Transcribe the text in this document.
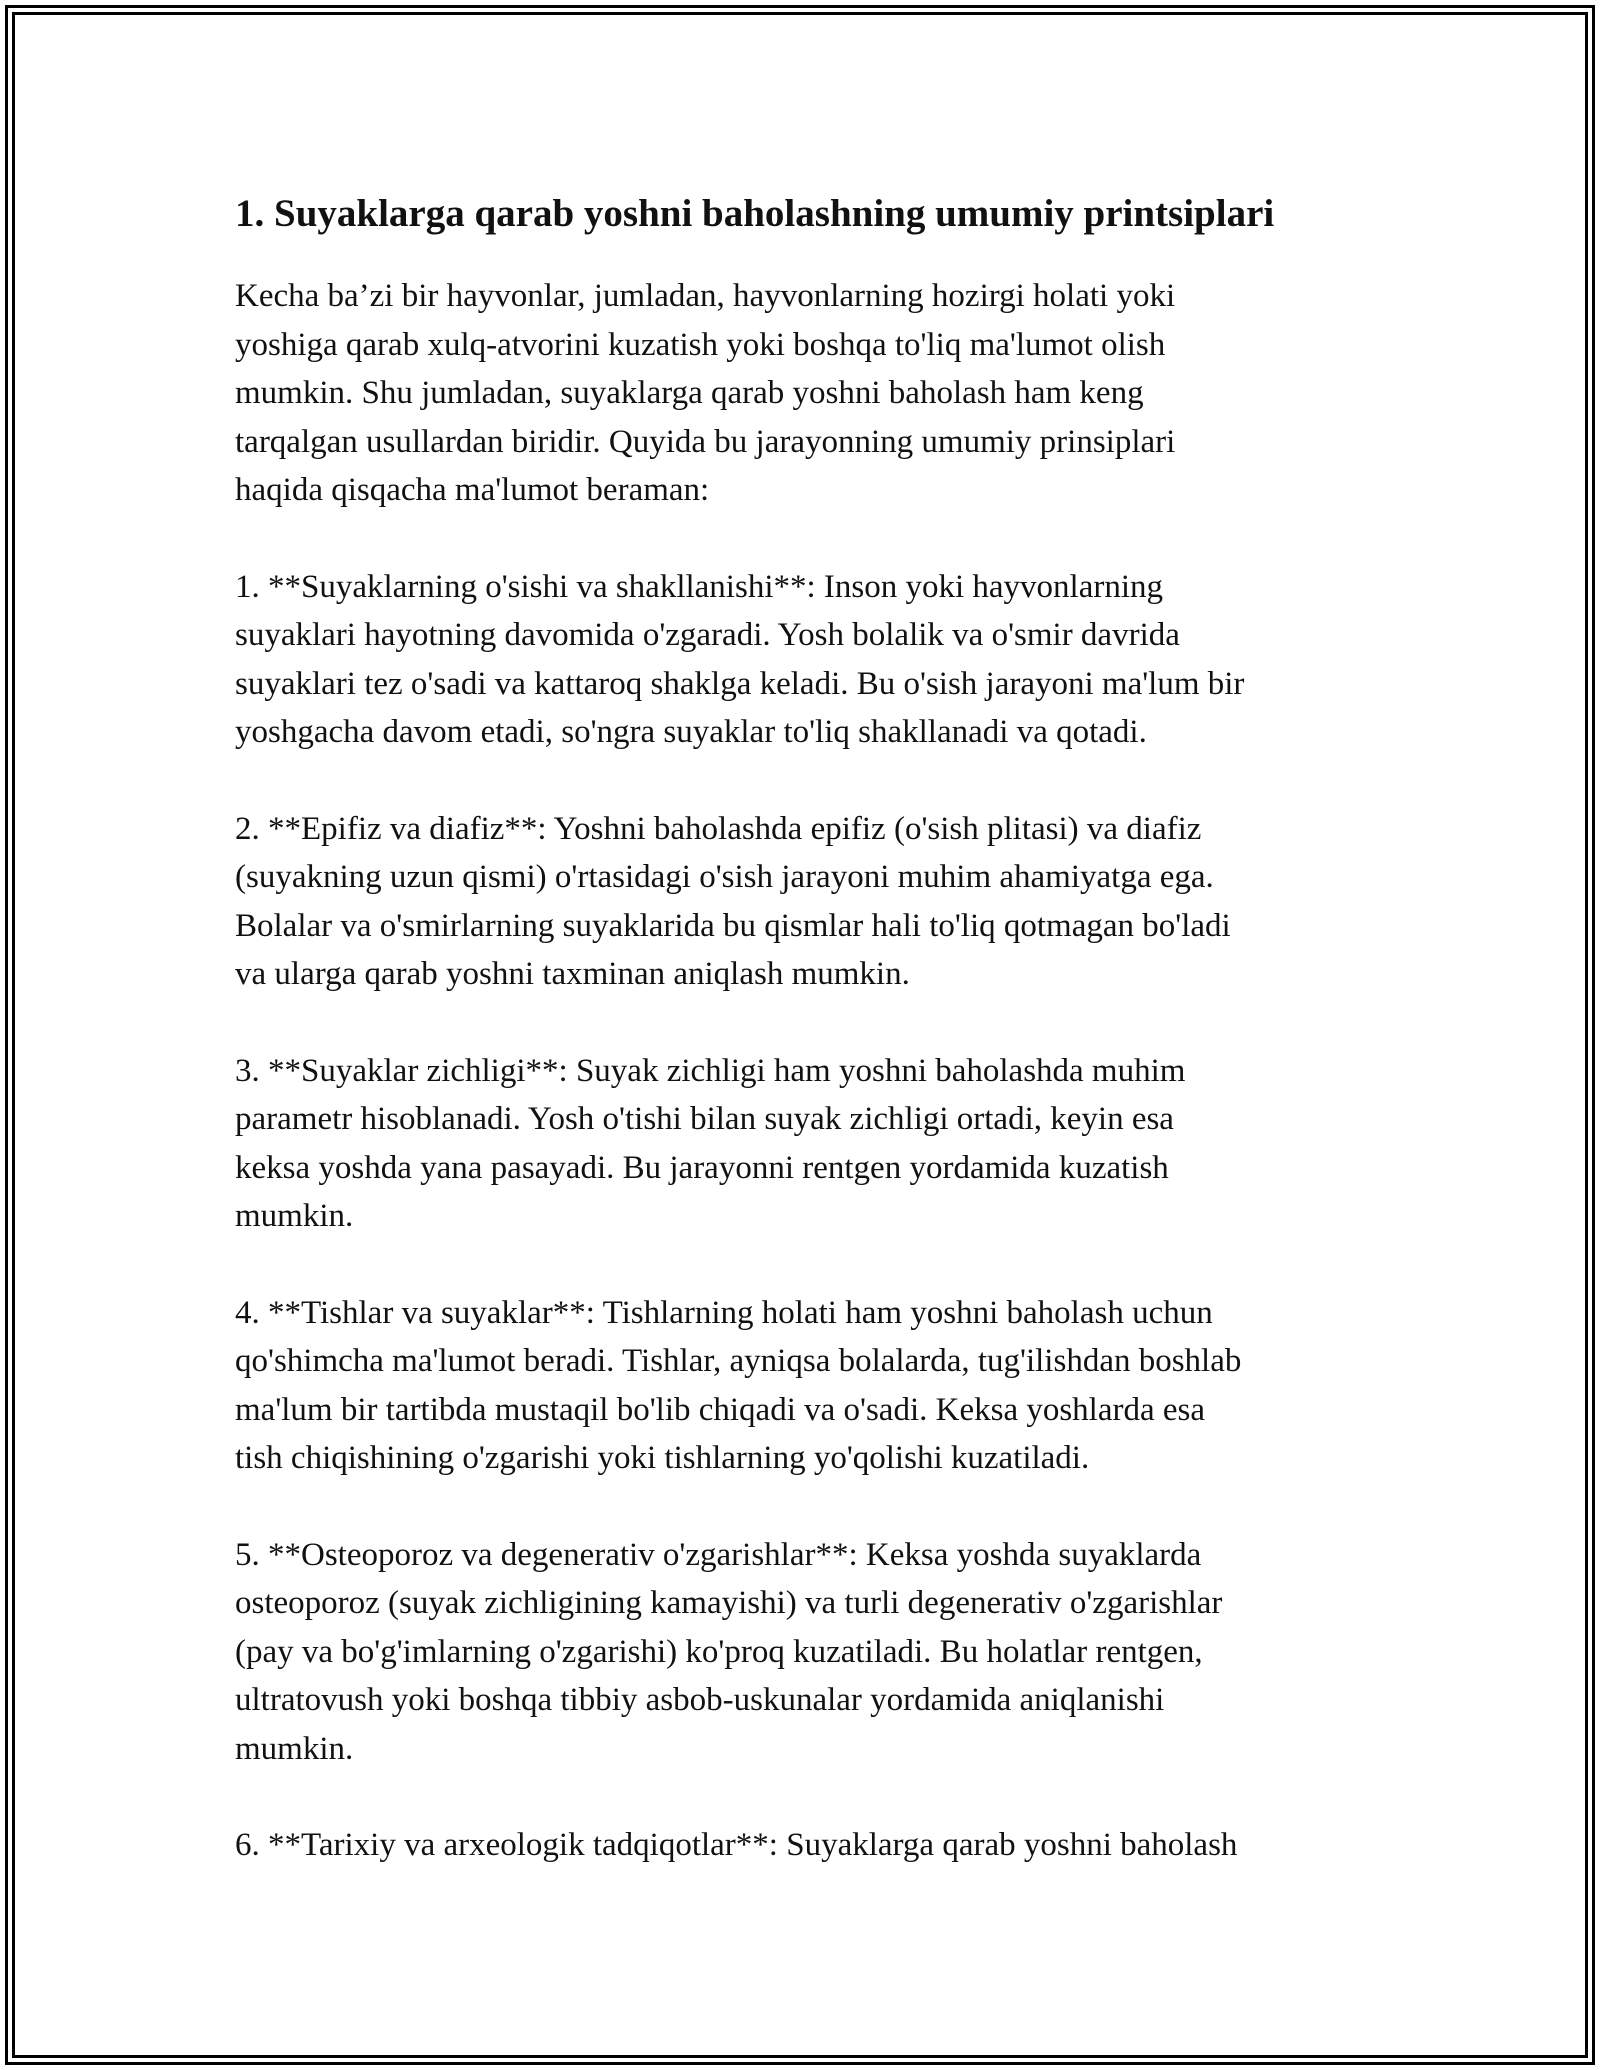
1. Suyaklarga qarab yoshni baholashning umumiy printsiplari

Kecha ba’zi bir hayvonlar, jumladan, hayvonlarning hozirgi holati yoki
yoshiga qarab xulq-atvorini kuzatish yoki boshqa to'liq ma'lumot olish
mumkin. Shu jumladan, suyaklarga qarab yoshni baholash ham keng
tarqalgan usullardan biridir. Quyida bu jarayonning umumiy prinsiplari
haqida qisqacha ma'lumot beraman:

1. **Suyaklarning o'sishi va shakllanishi**: Inson yoki hayvonlarning
suyaklari hayotning davomida o'zgaradi. Yosh bolalik va o'smir davrida
suyaklari tez o'sadi va kattaroq shaklga keladi. Bu o'sish jarayoni ma'lum bir
yoshgacha davom etadi, so'ngra suyaklar to'liq shakllanadi va qotadi.

2. **Epifiz va diafiz**: Yoshni baholashda epifiz (o'sish plitasi) va diafiz
(suyakning uzun qismi) o'rtasidagi o'sish jarayoni muhim ahamiyatga ega.
Bolalar va o'smirlarning suyaklarida bu qismlar hali to'liq qotmagan bo'ladi
va ularga qarab yoshni taxminan aniqlash mumkin.

3. **Suyaklar zichligi**: Suyak zichligi ham yoshni baholashda muhim
parametr hisoblanadi. Yosh o'tishi bilan suyak zichligi ortadi, keyin esa
keksa yoshda yana pasayadi. Bu jarayonni rentgen yordamida kuzatish
mumkin.

4. **Tishlar va suyaklar**: Tishlarning holati ham yoshni baholash uchun
qo'shimcha ma'lumot beradi. Tishlar, ayniqsa bolalarda, tug'ilishdan boshlab
ma'lum bir tartibda mustaqil bo'lib chiqadi va o'sadi. Keksa yoshlarda esa
tish chiqishining o'zgarishi yoki tishlarning yo'qolishi kuzatiladi.

5. **Osteoporoz va degenerativ o'zgarishlar**: Keksa yoshda suyaklarda
osteoporoz (suyak zichligining kamayishi) va turli degenerativ o'zgarishlar
(pay va bo'g'imlarning o'zgarishi) ko'proq kuzatiladi. Bu holatlar rentgen,
ultratovush yoki boshqa tibbiy asbob-uskunalar yordamida aniqlanishi
mumkin.

6. **Tarixiy va arxeologik tadqiqotlar**: Suyaklarga qarab yoshni baholash
